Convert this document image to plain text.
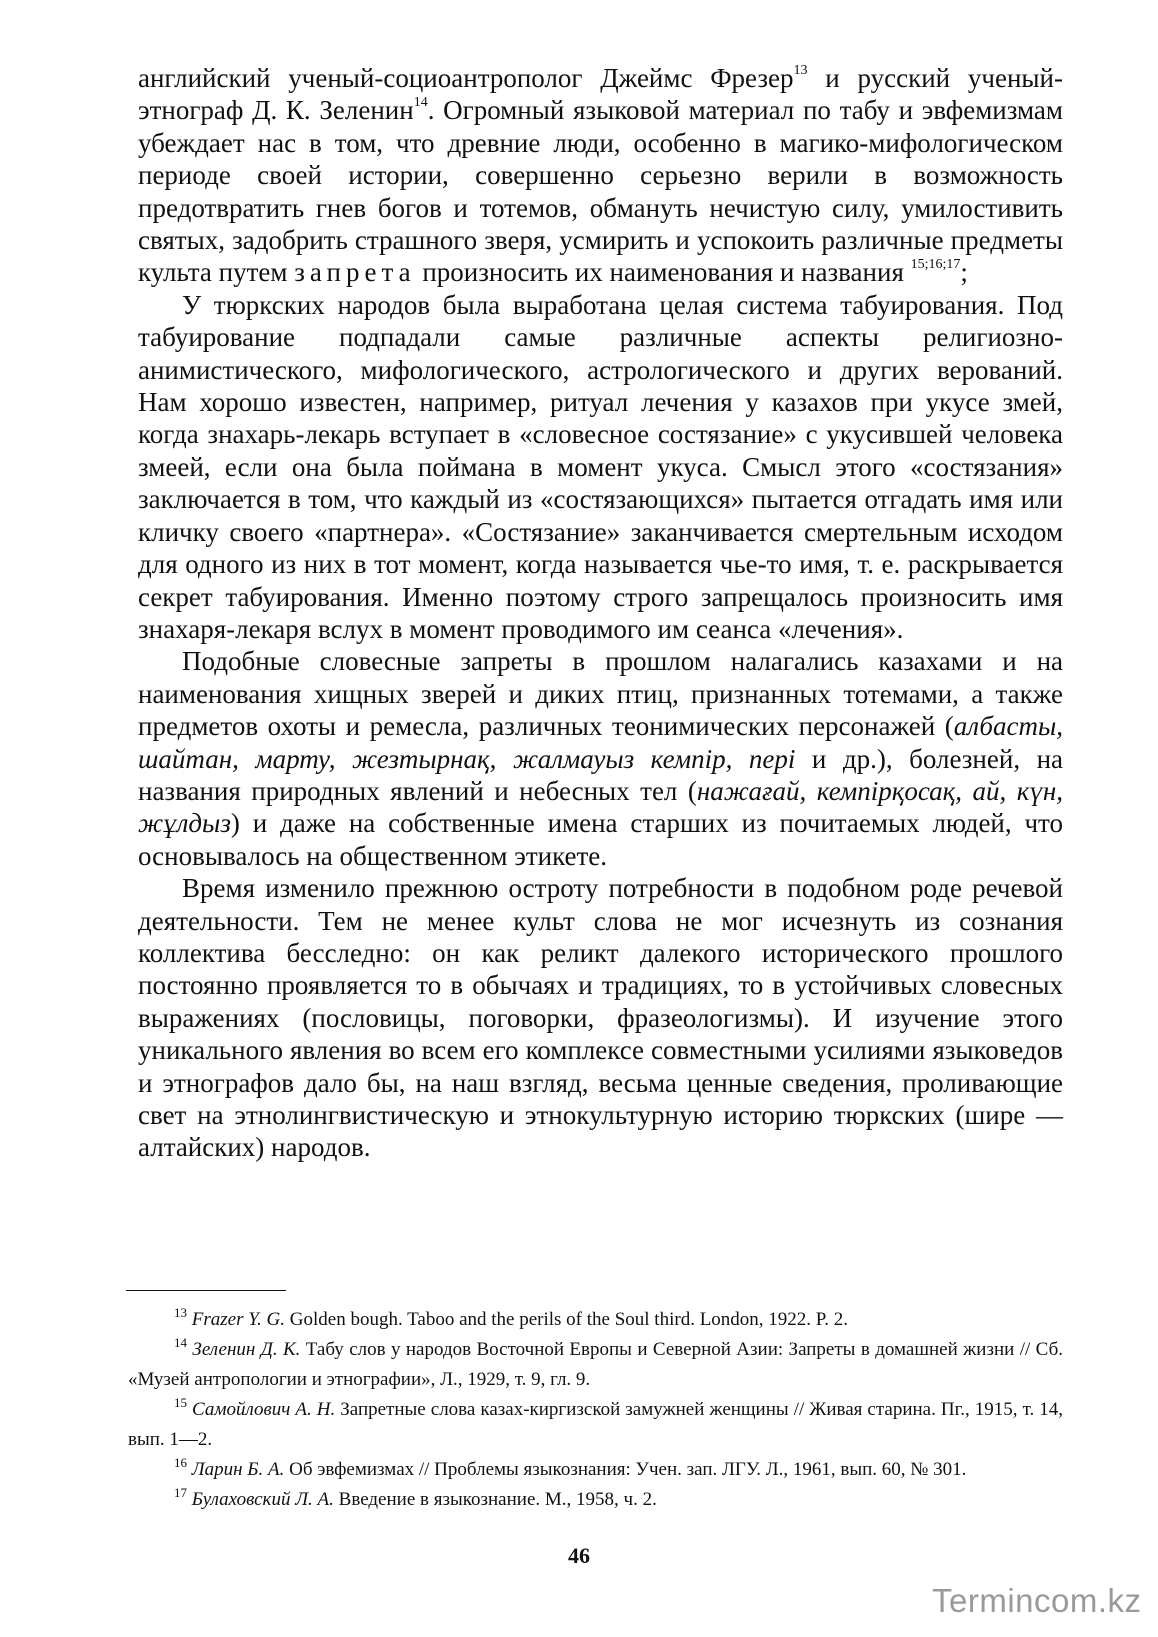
английский ученый-социоантрополог Джеймс Фрезер$^{13}$ и русский ученый-этнограф Д. К. Зеленин$^{14}$. Огромный языковой материал по табу и эвфемизмам убеждает нас в том, что древние люди, особенно в магико-мифологическом периоде своей истории, совершенно серьезно верили в возможность предотвратить гнев богов и тотемов, обмануть нечистую силу, умилостивить святых, задобрить страшного зверя, усмирить и успокоить различные предметы культа путем запрета произносить их наименования и названия $^{15;16;17}$;

У тюркских народов была выработана целая система табуирования. Под табуирование подпадали самые различные аспекты религиозно-анимистического, мифологического, астрологического и других верований. Нам хорошо известен, например, ритуал лечения у казахов при укусе змей, когда знахарь-лекарь вступает в «словесное состязание» с укусившей человека змеей, если она была поймана в момент укуса. Смысл этого «состязания» заключается в том, что каждый из «состязающихся» пытается отгадать имя или кличку своего «партнера». «Состязание» заканчивается смертельным исходом для одного из них в тот момент, когда называется чье-то имя, т. е. раскрывается секрет табуирования. Именно поэтому строго запрещалось произносить имя знахаря-лекаря вслух в момент проводимого им сеанса «лечения».

Подобные словесные запреты в прошлом налагались казахами и на наименования хищных зверей и диких птиц, признанных тотемами, а также предметов охоты и ремесла, различных теонимических персонажей (албасты, шайтан, марту, жезтырнақ, жалмауыз кемпір, перi и др.), болезней, на названия природных явлений и небесных тел (нажағай, кемпiрқосақ, ай, күн, жұлдыз) и даже на собственные имена старших из почитаемых людей, что основывалось на общественном этикете.

Время изменило прежнюю остроту потребности в подобном роде речевой деятельности. Тем не менее культ слова не мог исчезнуть из сознания коллектива бесследно: он как реликт далекого исторического прошлого постоянно проявляется то в обычаях и традициях, то в устойчивых словесных выражениях (пословицы, поговорки, фразеологизмы). И изучение этого уникального явления во всем его комплексе совместными усилиями языковедов и этнографов дало бы, на наш взгляд, весьма ценные сведения, проливающие свет на этнолингвистическую и этнокультурную историю тюркских (шире — алтайских) народов.

$^{13}$ Frazer Y. G. Golden bough. Taboo and the perils of the Soul third. London, 1922. P. 2.

$^{14}$ Зеленин Д. К. Табу слов у народов Восточной Европы и Северной Азии: Запреты в домашней жизни // Сб. «Музей антропологии и этнографии», Л., 1929, т. 9, гл. 9.

$^{15}$ Самойлович А. Н. Запретные слова казах-киргизской замужней женщины // Живая старина. Пг., 1915, т. 14, вып. 1—2.

$^{16}$ Ларин Б. А. Об эвфемизмах // Проблемы языкознания: Учен. зап. ЛГУ. Л., 1961, вып. 60, № 301.

$^{17}$ Булаховский Л. А. Введение в языкознание. М., 1958, ч. 2.

46
Termincom.kz
